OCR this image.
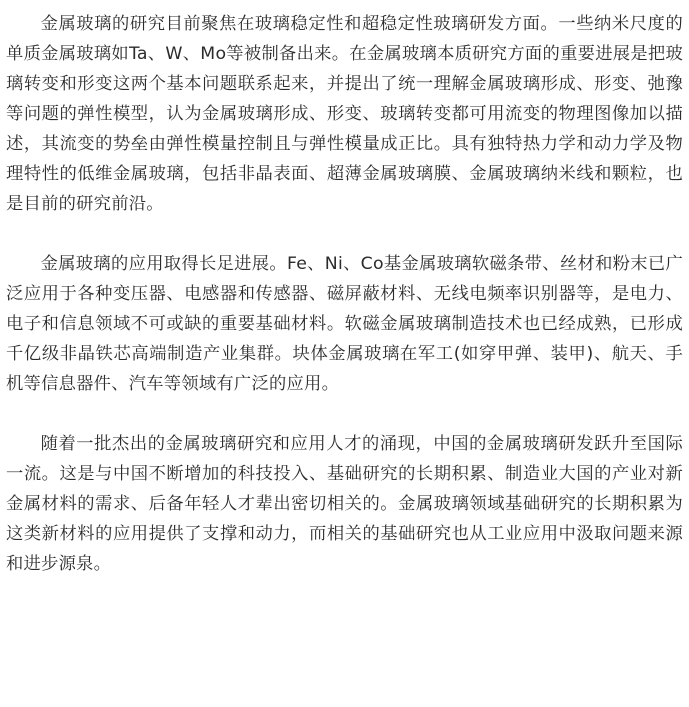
金属玻璃的研究目前聚焦在玻璃稳定性和超稳定性玻璃研发方面。一些纳米尺度的单质金属玻璃如Ta、W、Mo等被制备出来。在金属玻璃本质研究方面的重要进展是把玻璃转变和形变这两个基本问题联系起来，并提出了统一理解金属玻璃形成、形变、弛豫等问题的弹性模型，认为金属玻璃形成、形变、玻璃转变都可用流变的物理图像加以描述，其流变的势垒由弹性模量控制且与弹性模量成正比。具有独特热力学和动力学及物理特性的低维金属玻璃，包括非晶表面、超薄金属玻璃膜、金属玻璃纳米线和颗粒，也是目前的研究前沿。

金属玻璃的应用取得长足进展。Fe、Ni、Co基金属玻璃软磁条带、丝材和粉末已广泛应用于各种变压器、电感器和传感器、磁屏蔽材料、无线电频率识别器等，是电力、电子和信息领域不可或缺的重要基础材料。软磁金属玻璃制造技术也已经成熟，已形成千亿级非晶铁芯高端制造产业集群。块体金属玻璃在军工(如穿甲弹、装甲)、航天、手机等信息器件、汽车等领域有广泛的应用。

随着一批杰出的金属玻璃研究和应用人才的涌现，中国的金属玻璃研发跃升至国际一流。这是与中国不断增加的科技投入、基础研究的长期积累、制造业大国的产业对新金属材料的需求、后备年轻人才辈出密切相关的。金属玻璃领域基础研究的长期积累为这类新材料的应用提供了支撑和动力，而相关的基础研究也从工业应用中汲取问题来源和进步源泉。
